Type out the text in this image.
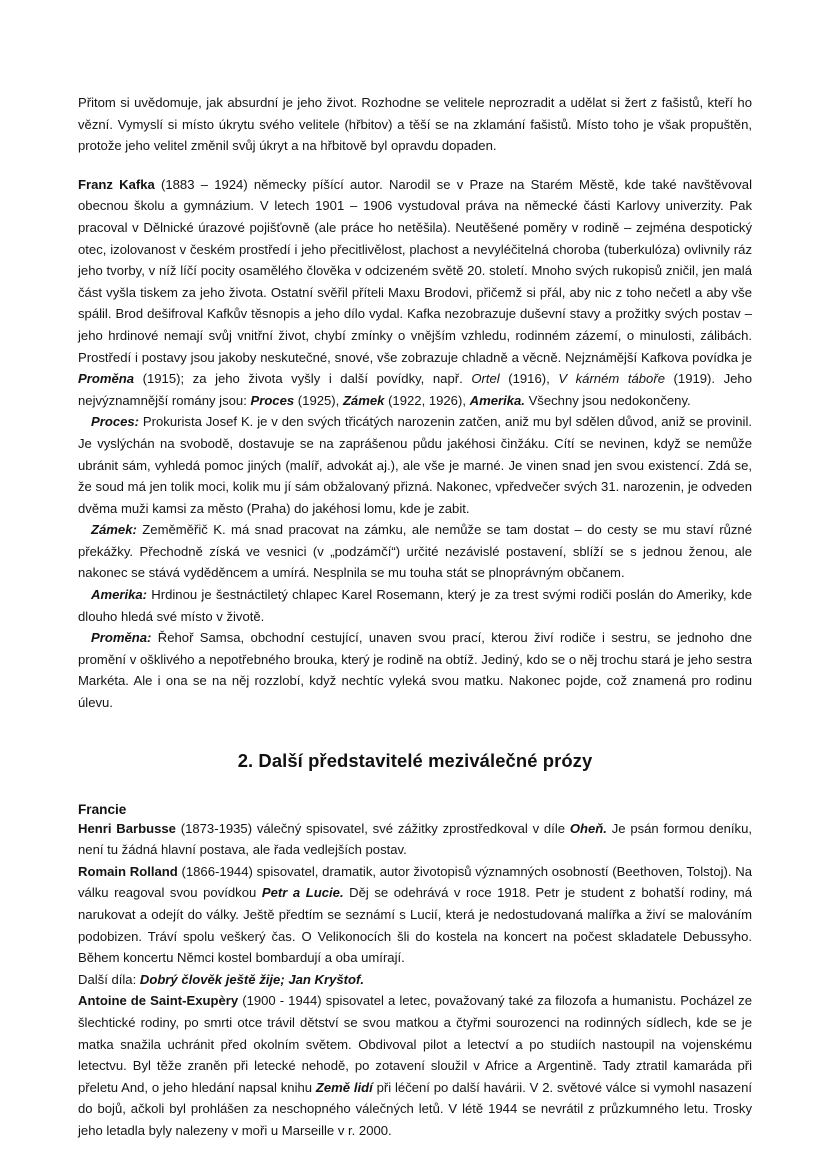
Přitom si uvědomuje, jak absurdní je jeho život. Rozhodne se velitele neprozradit a udělat si žert z fašistů, kteří ho vězní. Vymyslí si místo úkrytu svého velitele (hřbitov) a těší se na zklamání fašistů. Místo toho je však propuštěn, protože jeho velitel změnil svůj úkryt a na hřbitově byl opravdu dopaden.

Franz Kafka (1883 – 1924) německy píšící autor. Narodil se v Praze na Starém Městě, kde také navštěvoval obecnou školu a gymnázium. V letech 1901 – 1906 vystudoval práva na německé části Karlovy univerzity. Pak pracoval v Dělnické úrazové pojišťovně (ale práce ho netěšila). Neutěšené poměry v rodině – zejména despotický otec, izolovanost v českém prostředí i jeho přecitlivělost, plachost a nevyléčitelná choroba (tuberkulóza) ovlivnily ráz jeho tvorby, v níž líčí pocity osamělého člověka v odcizeném světě 20. století. Mnoho svých rukopisů zničil, jen malá část vyšla tiskem za jeho života. Ostatní svěřil příteli Maxu Brodovi, přičemž si přál, aby nic z toho nečetl a aby vše spálil. Brod dešifroval Kafkův těsnopis a jeho dílo vydal. Kafka nezobrazuje duševní stavy a prožitky svých postav – jeho hrdinové nemají svůj vnitřní život, chybí zmínky o vnějším vzhledu, rodinném zázemí, o minulosti, zálibách. Prostředí i postavy jsou jakoby neskutečné, snové, vše zobrazuje chladně a věcně. Nejznámější Kafkova povídka je Proměna (1915); za jeho života vyšly i další povídky, např. Ortel (1916), V kárném táboře (1919). Jeho nejvýznamnější romány jsou: Proces (1925), Zámek (1922, 1926), Amerika. Všechny jsou nedokončeny.

Proces: Prokurista Josef K. je v den svých třicátých narozenin zatčen, aniž mu byl sdělen důvod, aniž se provinil. Je vyslýchán na svobodě, dostavuje se na zaprášenou půdu jakéhosi činžáku. Cítí se nevinen, když se nemůže ubránit sám, vyhledá pomoc jiných (malíř, advokát aj.), ale vše je marné. Je vinen snad jen svou existencí. Zdá se, že soud má jen tolik moci, kolik mu jí sám obžalovaný přizná. Nakonec, vpředvečer svých 31. narozenin, je odveden dvěma muži kamsi za město (Praha) do jakéhosi lomu, kde je zabit.

Zámek: Zeměměřič K. má snad pracovat na zámku, ale nemůže se tam dostat – do cesty se mu staví různé překážky. Přechodně získá ve vesnici (v „podzámčí“) určité nezávislé postavení, sblíží se s jednou ženou, ale nakonec se stává vyděděncem a umírá. Nesplnila se mu touha stát se plnoprávným občanem.

Amerika: Hrdinou je šestnáctiletý chlapec Karel Rosemann, který je za trest svými rodiči poslán do Ameriky, kde dlouho hledá své místo v životě.

Proměna: Řehoř Samsa, obchodní cestující, unaven svou prací, kterou živí rodiče i sestru, se jednoho dne promění v ošklivého a nepotřebného brouka, který je rodině na obtíž. Jediný, kdo se o něj trochu stará je jeho sestra Markéta. Ale i ona se na něj rozzlobí, když nechtíc vyleká svou matku. Nakonec pojde, což znamená pro rodinu úlevu.

2. Další představitelé meziválečné prózy
Francie

Henri Barbusse (1873-1935) válečný spisovatel, své zážitky zprostředkoval v díle Oheň. Je psán formou deníku, není tu žádná hlavní postava, ale řada vedlejších postav.

Romain Rolland (1866-1944) spisovatel, dramatik, autor životopisů významných osobností (Beethoven, Tolstoj). Na válku reagoval svou povídkou Petr a Lucie. Děj se odehrává v roce 1918. Petr je student z bohatší rodiny, má narukovat a odejít do války. Ještě předtím se seznámí s Lucií, která je nedostudovaná malířka a živí se malováním podobizen. Tráví spolu veškerý čas. O Velikonocích šli do kostela na koncert na počest skladatele Debussyho. Během koncertu Němci kostel bombardují a oba umírají.

Další díla: Dobrý člověk ještě žije; Jan Kryštof.

Antoine de Saint-Exupèry (1900 - 1944) spisovatel a letec, považovaný také za filozofa a humanistu. Pocházel ze šlechtické rodiny, po smrti otce trávil dětství se svou matkou a čtyřmi sourozenci na rodinných sídlech, kde se je matka snažila uchránit před okolním světem. Obdivoval pilot a letectví a po studiích nastoupil na vojenskému letectvu. Byl těže zraněn při letecké nehodě, po zotavení sloužil v Africe a Argentině. Tady ztratil kamaráda při přeletu And, o jeho hledání napsal knihu Země lidí při léčení po další havárii. V 2. světové válce si vymohl nasazení do bojů, ačkoli byl prohlášen za neschopného válečných letů. V létě 1944 se nevrátil z průzkumného letu. Trosky jeho letadla byly nalezeny v moři u Marseille v r. 2000.
